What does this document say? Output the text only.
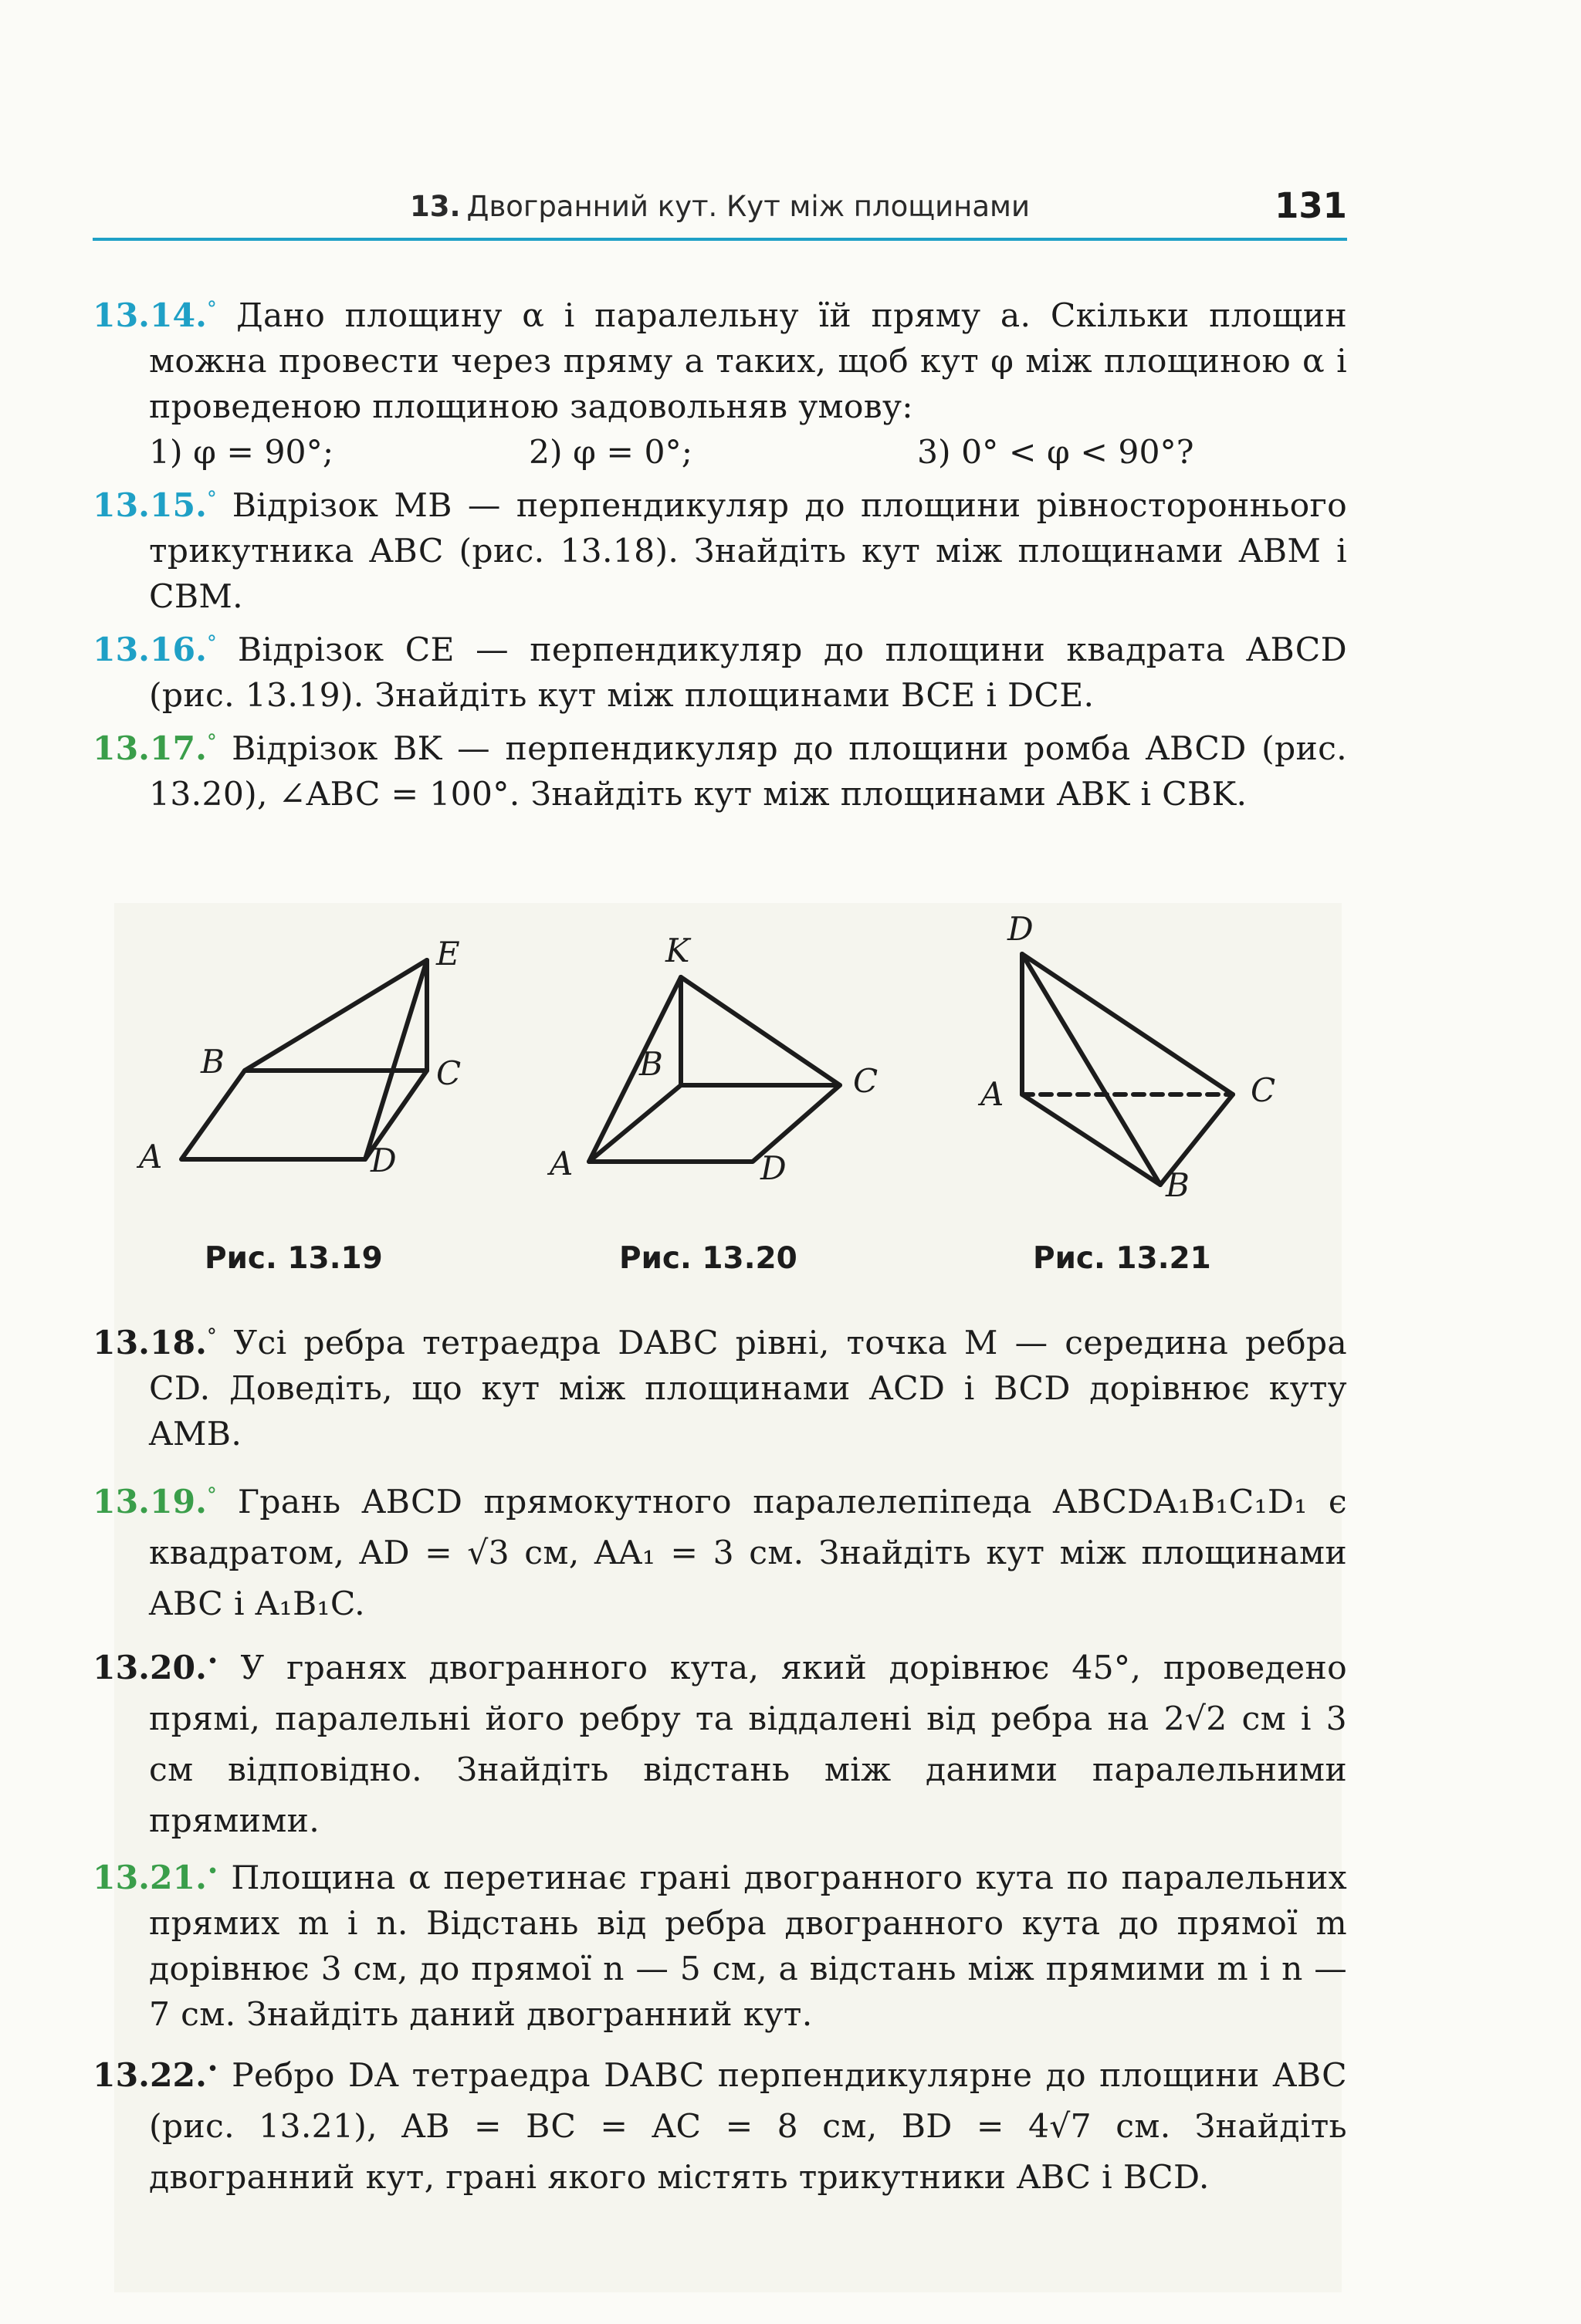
13. Двогранний кут. Кут між площинами	131

13.14.° Дано площину α і паралельну їй пряму a. Скільки площин можна провести через пряму a таких, щоб кут φ між площиною α і проведеною площиною задовольняв умову:

1) φ = 90°;	2) φ = 0°;	3) 0° < φ < 90°?

13.15.° Відрізок MB — перпендикуляр до площини рівностороннього трикутника ABC (рис. 13.18). Знайдіть кут між площинами ABM і CBM.

13.16.° Відрізок CE — перпендикуляр до площини квадрата ABCD (рис. 13.19). Знайдіть кут між площинами BCE і DCE.

13.17.° Відрізок BK — перпендикуляр до площини ромба ABCD (рис. 13.20), ∠ABC = 100°. Знайдіть кут між площинами ABK і CBK.

E
B	C
A	D
K
B	C
A	D
D
A	C
B
Рис. 13.19	Рис. 13.20	Рис. 13.21

13.18.° Усі ребра тетраедра DABC рівні, точка M — середина ребра CD. Доведіть, що кут між площинами ACD і BCD дорівнює куту AMB.

13.19.° Грань ABCD прямокутного паралелепіпеда ABCDA₁B₁C₁D₁ є квадратом, AD = √3 см, AA₁ = 3 см. Знайдіть кут між площинами ABC і A₁B₁C.

13.20.• У гранях двогранного кута, який дорівнює 45°, проведено прямі, паралельні його ребру та віддалені від ребра на 2√2 см і 3 см відповідно. Знайдіть відстань між даними паралельними прямими.

13.21.• Площина α перетинає грані двогранного кута по паралельних прямих m і n. Відстань від ребра двогранного кута до прямої m дорівнює 3 см, до прямої n — 5 см, а відстань між прямими m і n — 7 см. Знайдіть даний двогранний кут.

13.22.• Ребро DA тетраедра DABC перпендикулярне до площини ABC (рис. 13.21), AB = BC = AC = 8 см, BD = 4√7 см. Знайдіть двогранний кут, грані якого містять трикутники ABC і BCD.
